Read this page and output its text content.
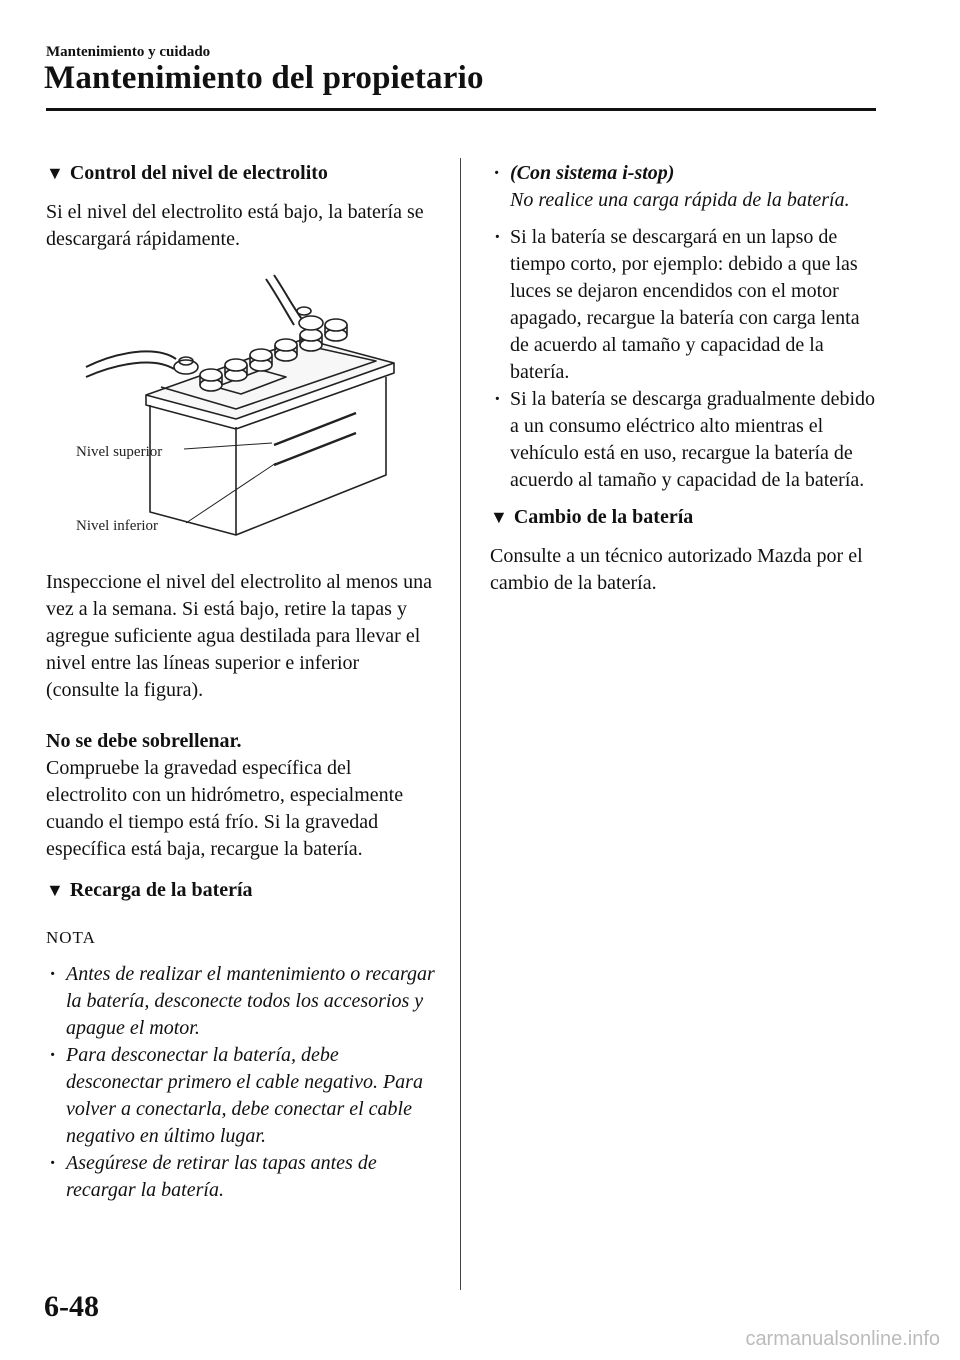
Mantenimiento y cuidado
Mantenimiento del propietario
▼ Control del nivel de electrolito

Si el nivel del electrolito está bajo, la batería se descargará rápidamente.

Nivel superior
Nivel inferior

Inspeccione el nivel del electrolito al menos una vez a la semana. Si está bajo, retire la tapas y agregue suficiente agua destilada para llevar el nivel entre las líneas superior e inferior (consulte la figura).

No se debe sobrellenar.

Compruebe la gravedad específica del electrolito con un hidrómetro, especialmente cuando el tiempo está frío. Si la gravedad específica está baja, recargue la batería.

▼ Recarga de la batería
NOTA
· Antes de realizar el mantenimiento o recargar la batería, desconecte todos los accesorios y apague el motor.
· Para desconectar la batería, debe desconectar primero el cable negativo. Para volver a conectarla, debe conectar el cable negativo en último lugar.
· Asegúrese de retirar las tapas antes de recargar la batería.
· (Con sistema i-stop)
No realice una carga rápida de la batería.
· Si la batería se descargará en un lapso de tiempo corto, por ejemplo: debido a que las luces se dejaron encendidos con el motor apagado, recargue la batería con carga lenta de acuerdo al tamaño y capacidad de la batería.
· Si la batería se descarga gradualmente debido a un consumo eléctrico alto mientras el vehículo está en uso, recargue la batería de acuerdo al tamaño y capacidad de la batería.
▼ Cambio de la batería

Consulte a un técnico autorizado Mazda por el cambio de la batería.

6-48
carmanualsonline.info
